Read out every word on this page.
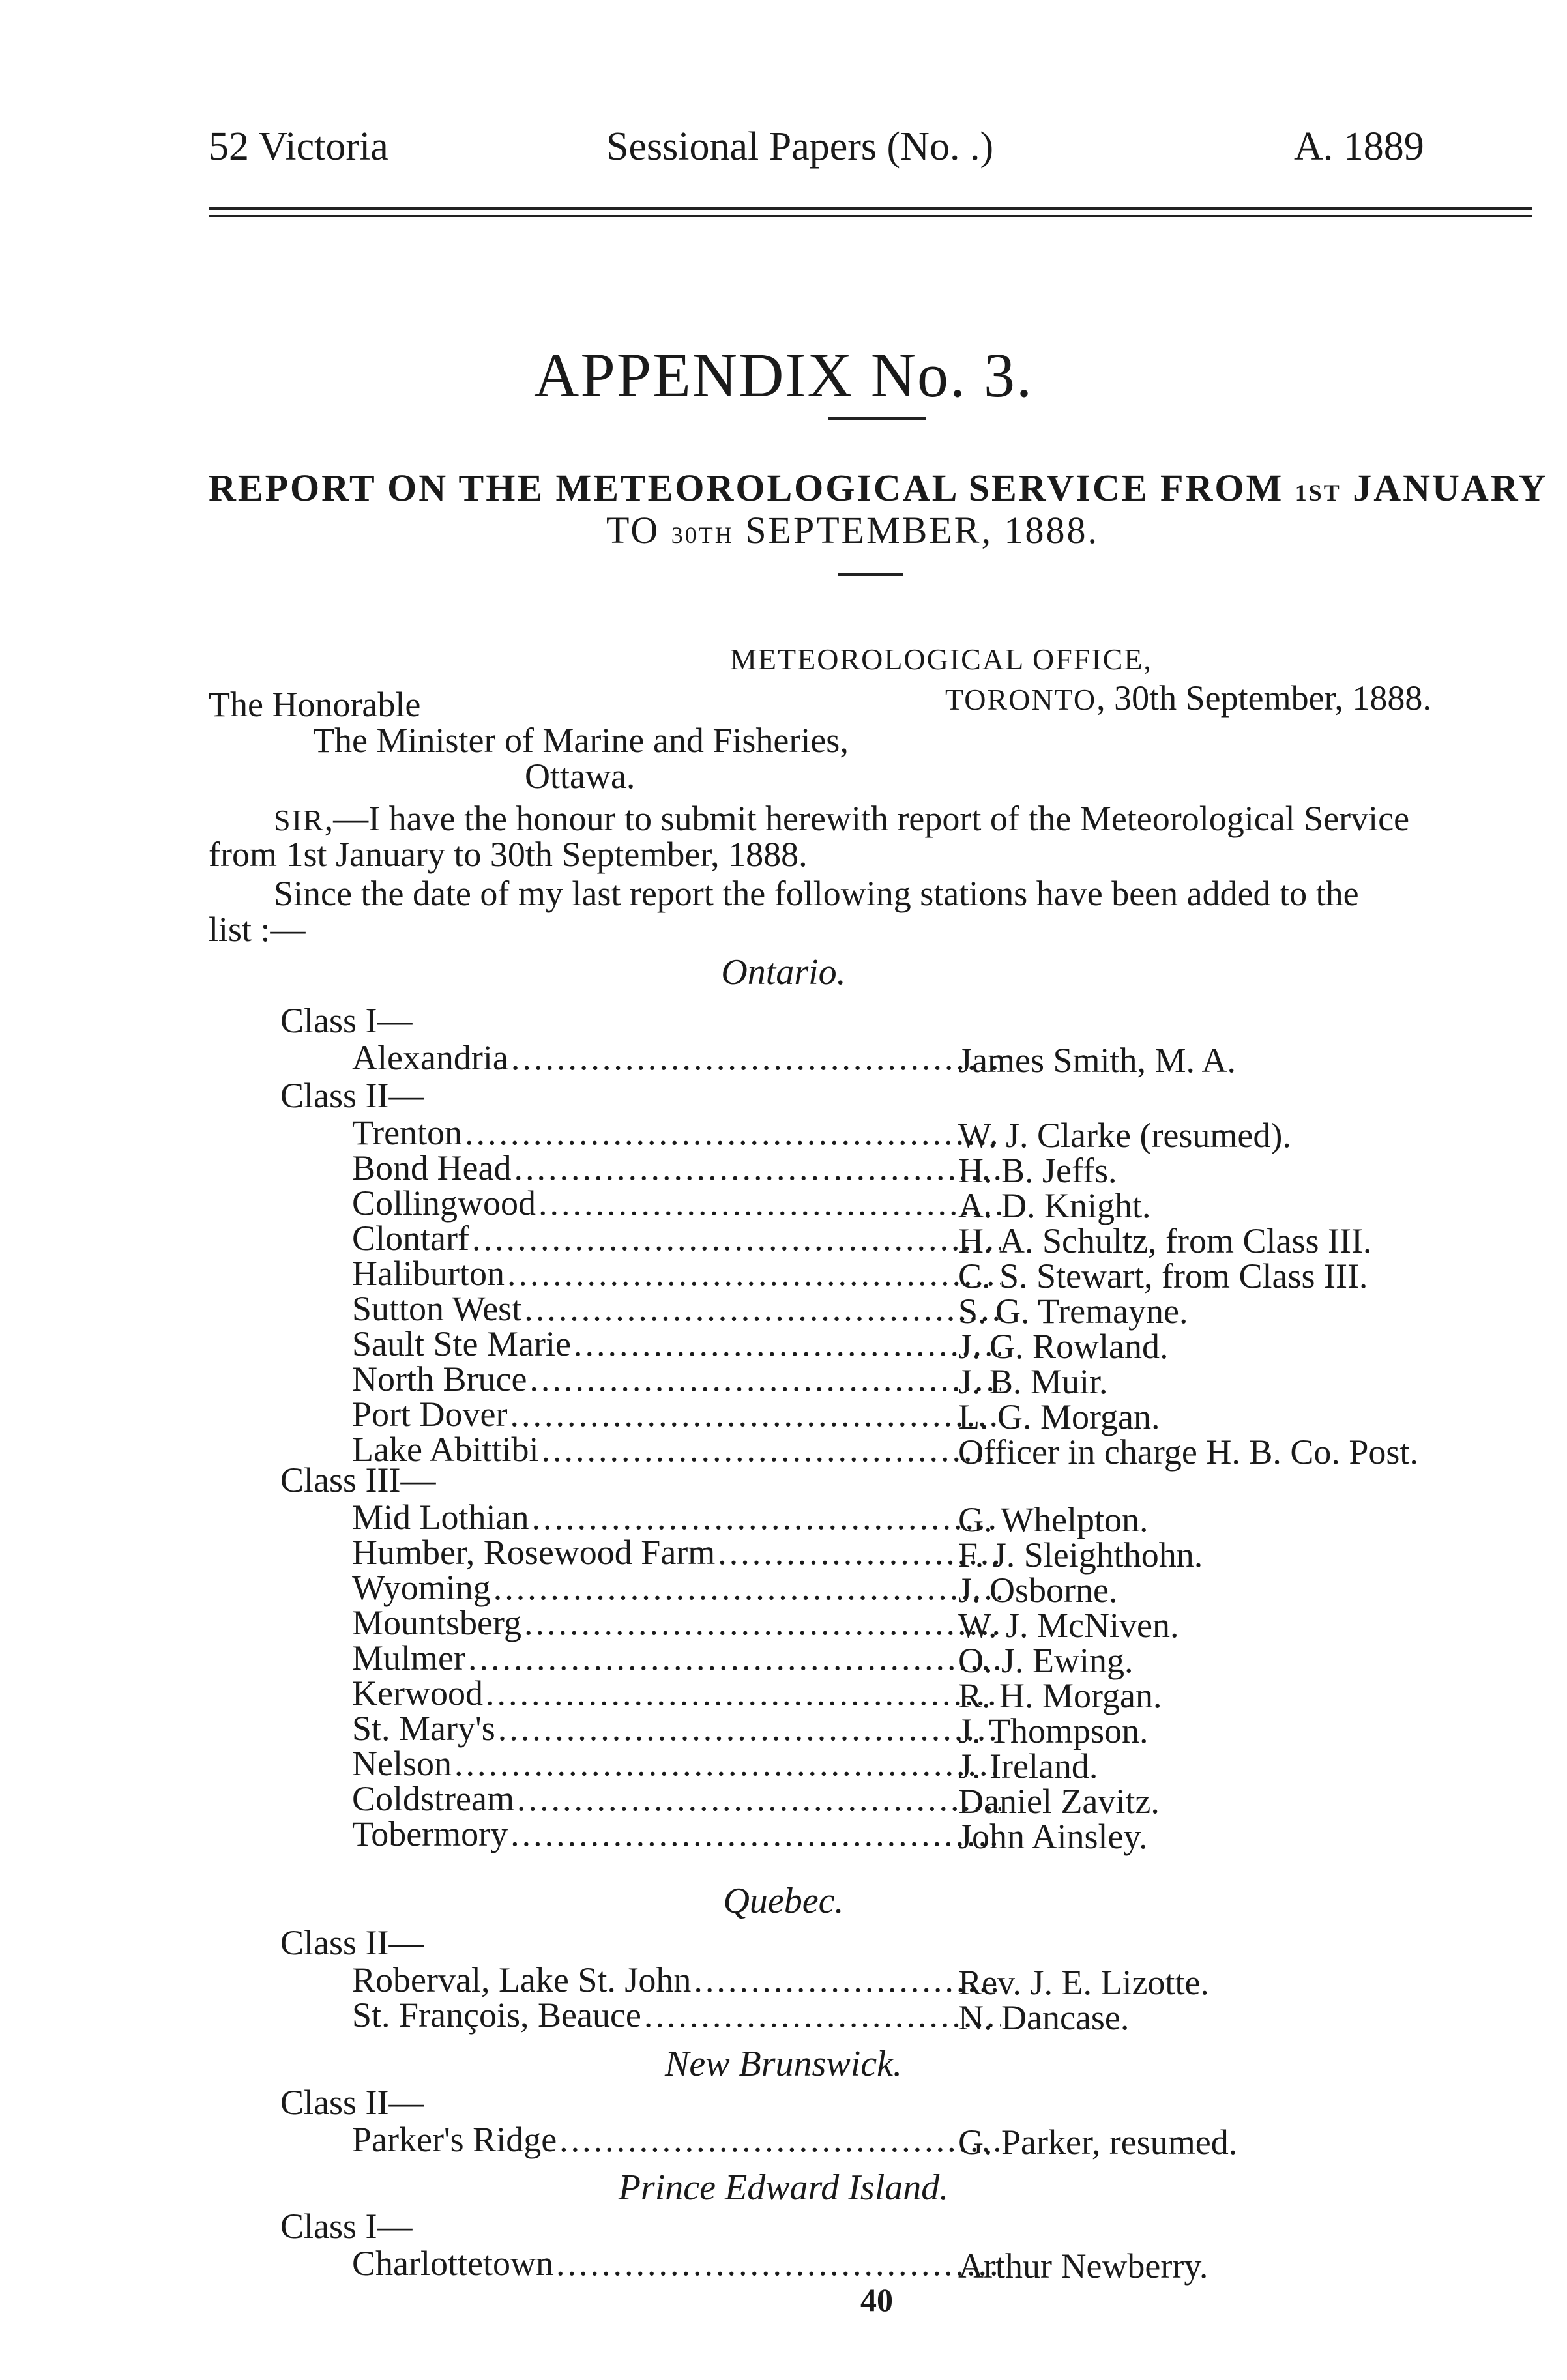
52 Victoria	Sessional Papers (No. .)	A. 1889
APPENDIX No. 3.
REPORT ON THE METEOROLOGICAL SERVICE FROM 1ST JANUARY
TO 30TH SEPTEMBER, 1888.
METEOROLOGICAL OFFICE,
TORONTO, 30th September, 1888.
The Honorable
The Minister of Marine and Fisheries,
Ottawa.
SIR,—I have the honour to submit herewith report of the Meteorological Service
from 1st January to 30th September, 1888.
Since the date of my last report the following stations have been added to the
list :—
Ontario.
Class I—
Alexandria .....	James Smith, M. A.
Class II—
Trenton .....	W. J. Clarke (resumed).
Bond Head .....	H. B. Jeffs.
Collingwood .....	A. D. Knight.
Clontarf .....	H. A. Schultz, from Class III.
Haliburton .....	C. S. Stewart, from Class III.
Sutton West .....	S. G. Tremayne.
Sault Ste Marie .....	J. G. Rowland.
North Bruce .....	J. B. Muir.
Port Dover .....	L. G. Morgan.
Lake Abittibi .....	Officer in charge H. B. Co. Post.
Class III—
Mid Lothian .....	G. Whelpton.
Humber, Rosewood Farm .....	F. J. Sleighthohn.
Wyoming .....	J. Osborne.
Mountsberg .....	W. J. McNiven.
Mulmer .....	O. J. Ewing.
Kerwood .....	R. H. Morgan.
St. Mary's .....	J. Thompson.
Nelson .....	J. Ireland.
Coldstream .....	Daniel Zavitz.
Tobermory .....	John Ainsley.
Quebec.
Class II—
Roberval, Lake St. John .....	Rev. J. E. Lizotte.
St. François, Beauce .....	N. Dancase.
New Brunswick.
Class II—
Parker's Ridge .....	G. Parker, resumed.
Prince Edward Island.
Class I—
Charlottetown .....	Arthur Newberry.
40
